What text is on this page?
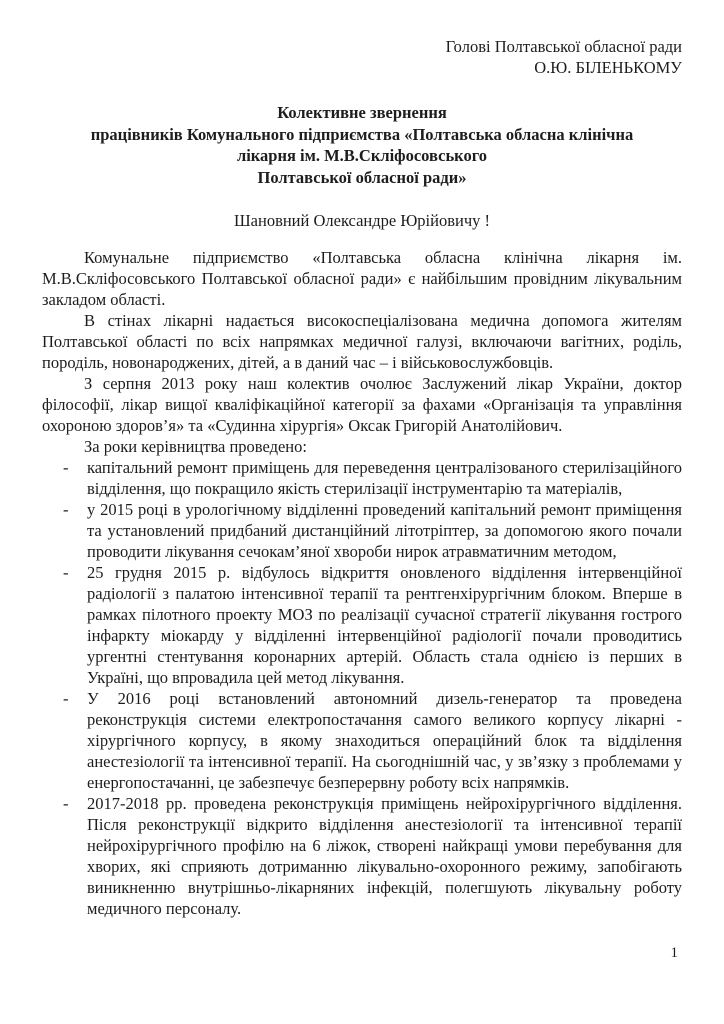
Голові Полтавської обласної ради
О.Ю. БІЛЕНЬКОМУ
Колективне звернення
працівників Комунального підприємства «Полтавська обласна клінічна
лікарня ім. М.В.Скліфосовського
Полтавської обласної ради»
Шановний Олександре Юрійовичу !

Комунальне підприємство «Полтавська обласна клінічна лікарня ім. М.В.Скліфосовського Полтавської обласної ради» є найбільшим провідним лікувальним закладом області.

В стінах лікарні надається високоспеціалізована медична допомога жителям Полтавської області по всіх напрямках медичної галузі, включаючи вагітних, роділь, породіль, новонароджених, дітей, а в даний час – і військовослужбовців.

З серпня 2013 року наш колектив очолює Заслужений лікар України, доктор філософії, лікар вищої кваліфікаційної категорії за фахами «Організація та управління охороною здоров’я» та «Судинна хірургія» Оксак Григорій Анатолійович.

За роки керівництва проведено:

-	капітальний ремонт приміщень для переведення централізованого стерилізаційного відділення, що покращило якість стерилізації інструментарію та матеріалів,
-	у 2015 році в урологічному відділенні проведений капітальний ремонт приміщення та установлений придбаний дистанційний літотріптер, за допомогою якого почали проводити лікування сечокам’яної хвороби нирок атравматичним методом,
-	25 грудня 2015 р. відбулось відкриття оновленого відділення інтервенційної радіології з палатою інтенсивної терапії та рентгенхірургічним блоком. Вперше в рамках пілотного проекту МОЗ по реалізації сучасної стратегії лікування гострого інфаркту міокарду у відділенні інтервенційної радіології почали проводитись ургентні стентування коронарних артерій. Область стала однією із перших в Україні, що впровадила цей метод лікування.
-	У 2016 році встановлений автономний дизель-генератор та проведена реконструкція системи електропостачання самого великого корпусу лікарні - хірургічного корпусу, в якому знаходиться операційний блок та відділення анестезіології та інтенсивної терапії. На сьогоднішній час, у зв’язку з проблемами у енергопостачанні, це забезпечує безперервну роботу всіх напрямків.
-	2017-2018 рр. проведена реконструкція приміщень нейрохірургічного відділення. Після реконструкції відкрито відділення анестезіології та інтенсивної терапії нейрохірургічного профілю на 6 ліжок, створені найкращі умови перебування для хворих, які сприяють дотриманню лікувально-охоронного режиму, запобігають виникненню внутрішньо-лікарняних інфекцій, полегшують лікувальну роботу медичного персоналу.
1
